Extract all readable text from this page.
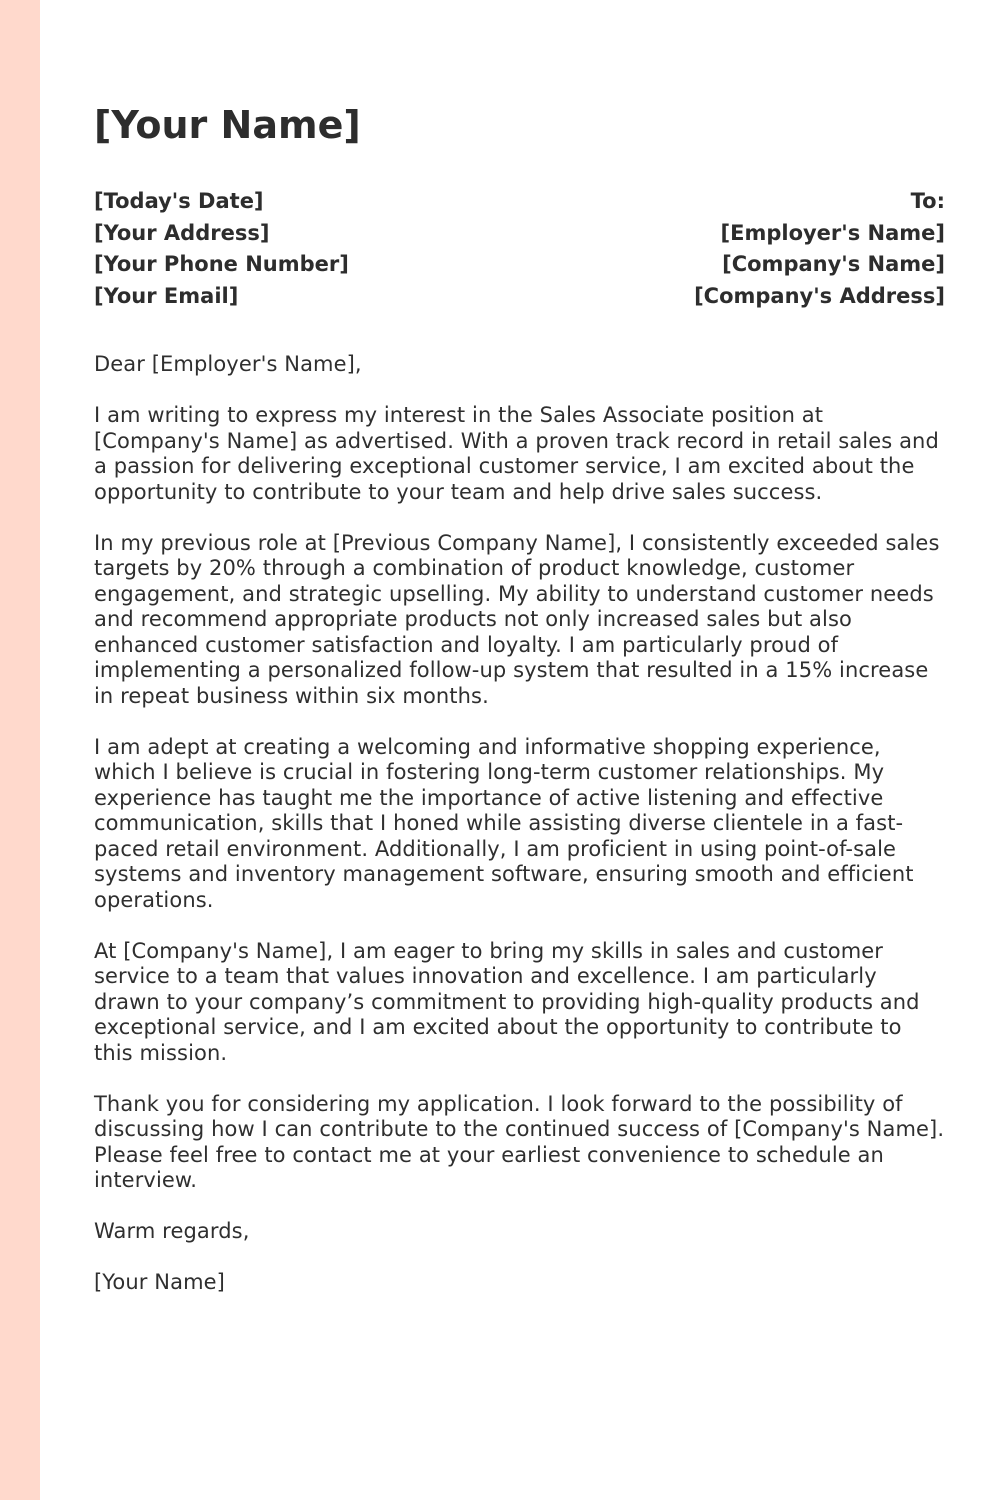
[Your Name]
[Today's Date]
[Your Address]
[Your Phone Number]
[Your Email]
To:
[Employer's Name]
[Company's Name]
[Company's Address]

Dear [Employer's Name],

I am writing to express my interest in the Sales Associate position at [Company's Name] as advertised. With a proven track record in retail sales and a passion for delivering exceptional customer service, I am excited about the opportunity to contribute to your team and help drive sales success.

In my previous role at [Previous Company Name], I consistently exceeded sales targets by 20% through a combination of product knowledge, customer engagement, and strategic upselling. My ability to understand customer needs and recommend appropriate products not only increased sales but also enhanced customer satisfaction and loyalty. I am particularly proud of implementing a personalized follow-up system that resulted in a 15% increase in repeat business within six months.

I am adept at creating a welcoming and informative shopping experience, which I believe is crucial in fostering long-term customer relationships. My experience has taught me the importance of active listening and effective communication, skills that I honed while assisting diverse clientele in a fast-paced retail environment. Additionally, I am proficient in using point-of-sale systems and inventory management software, ensuring smooth and efficient operations.

At [Company's Name], I am eager to bring my skills in sales and customer service to a team that values innovation and excellence. I am particularly drawn to your company’s commitment to providing high-quality products and exceptional service, and I am excited about the opportunity to contribute to this mission.

Thank you for considering my application. I look forward to the possibility of discussing how I can contribute to the continued success of [Company's Name]. Please feel free to contact me at your earliest convenience to schedule an interview.

Warm regards,

[Your Name]
